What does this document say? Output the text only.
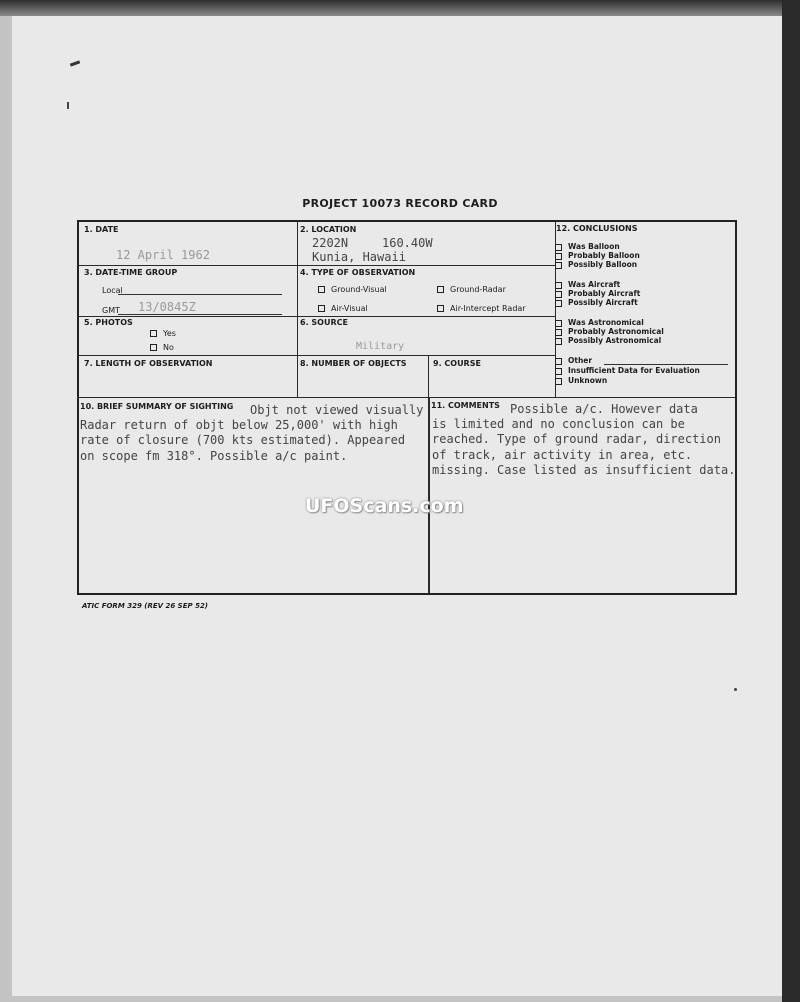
PROJECT 10073 RECORD CARD
1. DATE
12 April 1962
2. LOCATION
2202N	160.40W
Kunia, Hawaii
3. DATE-TIME GROUP
Local
GMT 13/0845Z
4. TYPE OF OBSERVATION
Ground-Visual	Ground-Radar
Air-Visual	Air-Intercept Radar
5. PHOTOS
Yes
No
6. SOURCE
Military
7. LENGTH OF OBSERVATION	8. NUMBER OF OBJECTS	9. COURSE
12. CONCLUSIONS
Was Balloon
Probably Balloon
Possibly Balloon
Was Aircraft
Probably Aircraft
Possibly Aircraft
Was Astronomical
Probably Astronomical
Possibly Astronomical
Other
Insufficient Data for Evaluation
Unknown
10. BRIEF SUMMARY OF SIGHTING Objt not viewed visually
Radar return of objt below 25,000' with high rate of closure (700 kts estimated). Appeared on scope fm 318°. Possible a/c paint.
11. COMMENTS Possible a/c. However data
is limited and no conclusion can be reached. Type of ground radar, direction of track, air activity in area, etc. missing. Case listed as insufficient data.
UFOScans.com
ATIC FORM 329 (REV 26 SEP 52)
